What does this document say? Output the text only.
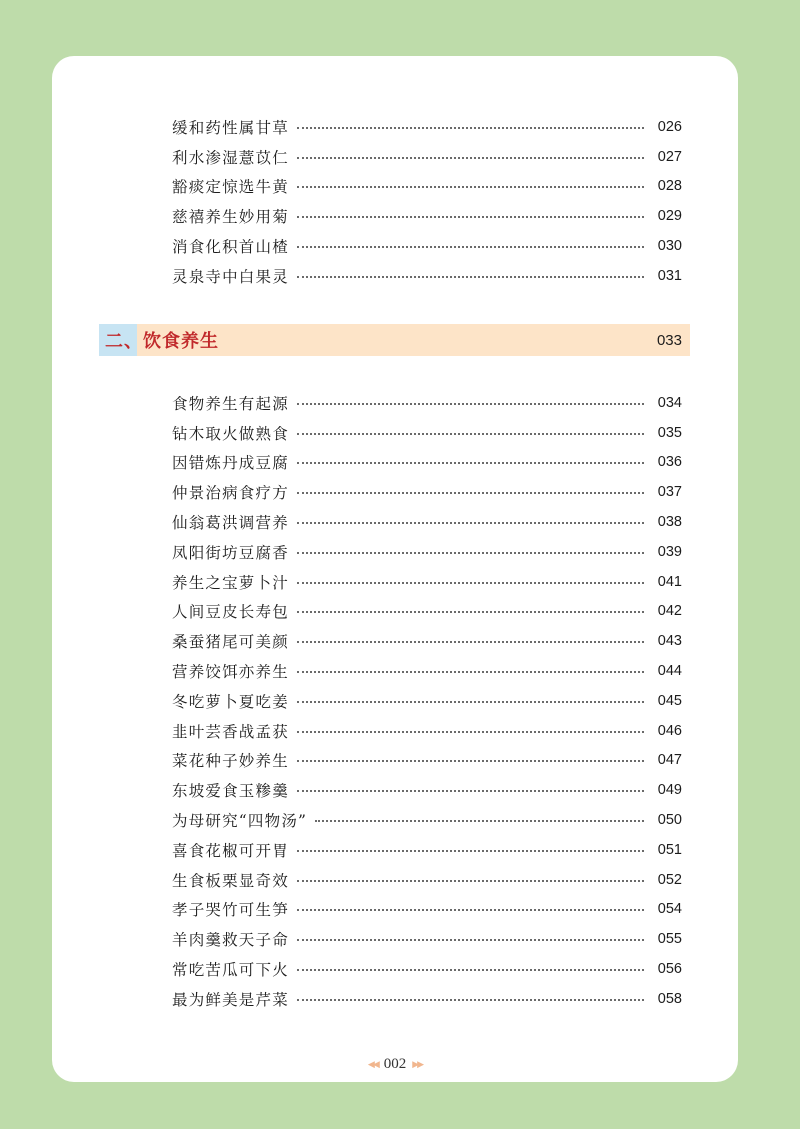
缓和药性属甘草	026
利水渗湿薏苡仁	027
豁痰定惊选牛黄	028
慈禧养生妙用菊	029
消食化积首山楂	030
灵泉寺中白果灵	031
二、饮食养生	033
食物养生有起源	034
钻木取火做熟食	035
因错炼丹成豆腐	036
仲景治病食疗方	037
仙翁葛洪调营养	038
凤阳街坊豆腐香	039
养生之宝萝卜汁	041
人间豆皮长寿包	042
桑蚕猪尾可美颜	043
营养饺饵亦养生	044
冬吃萝卜夏吃姜	045
韭叶芸香战孟获	046
菜花种子妙养生	047
东坡爱食玉糁羹	049
为母研究“四物汤”	050
喜食花椒可开胃	051
生食板栗显奇效	052
孝子哭竹可生笋	054
羊肉羹救天子命	055
常吃苦瓜可下火	056
最为鲜美是芹菜	058
◀◀ 002 ▶▶
